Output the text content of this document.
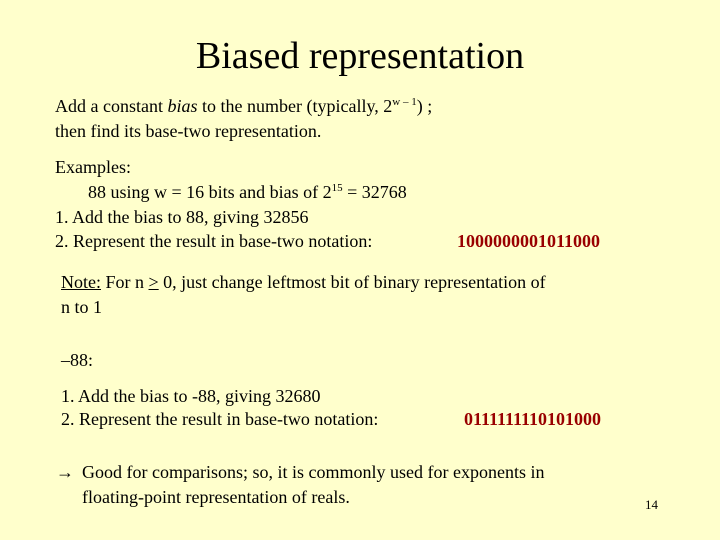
Biased representation
Add a constant bias to the number (typically, 2$^{w - 1}$) ;
then find its base-two representation.
Examples:
88 using w = 16 bits and bias of $2^{15} = 32768$
1. Add the bias to 88, giving 32856
2. Represent the result in base-two notation:	1000000001011000
Note: For n ≥ 0, just change leftmost bit of binary representation of
n to 1
–88:
1. Add the bias to -88, giving 32680
2. Represent the result in base-two notation:	0111111110101000
→ Good for comparisons; so, it is commonly used for exponents in
floating-point representation of reals.	14
